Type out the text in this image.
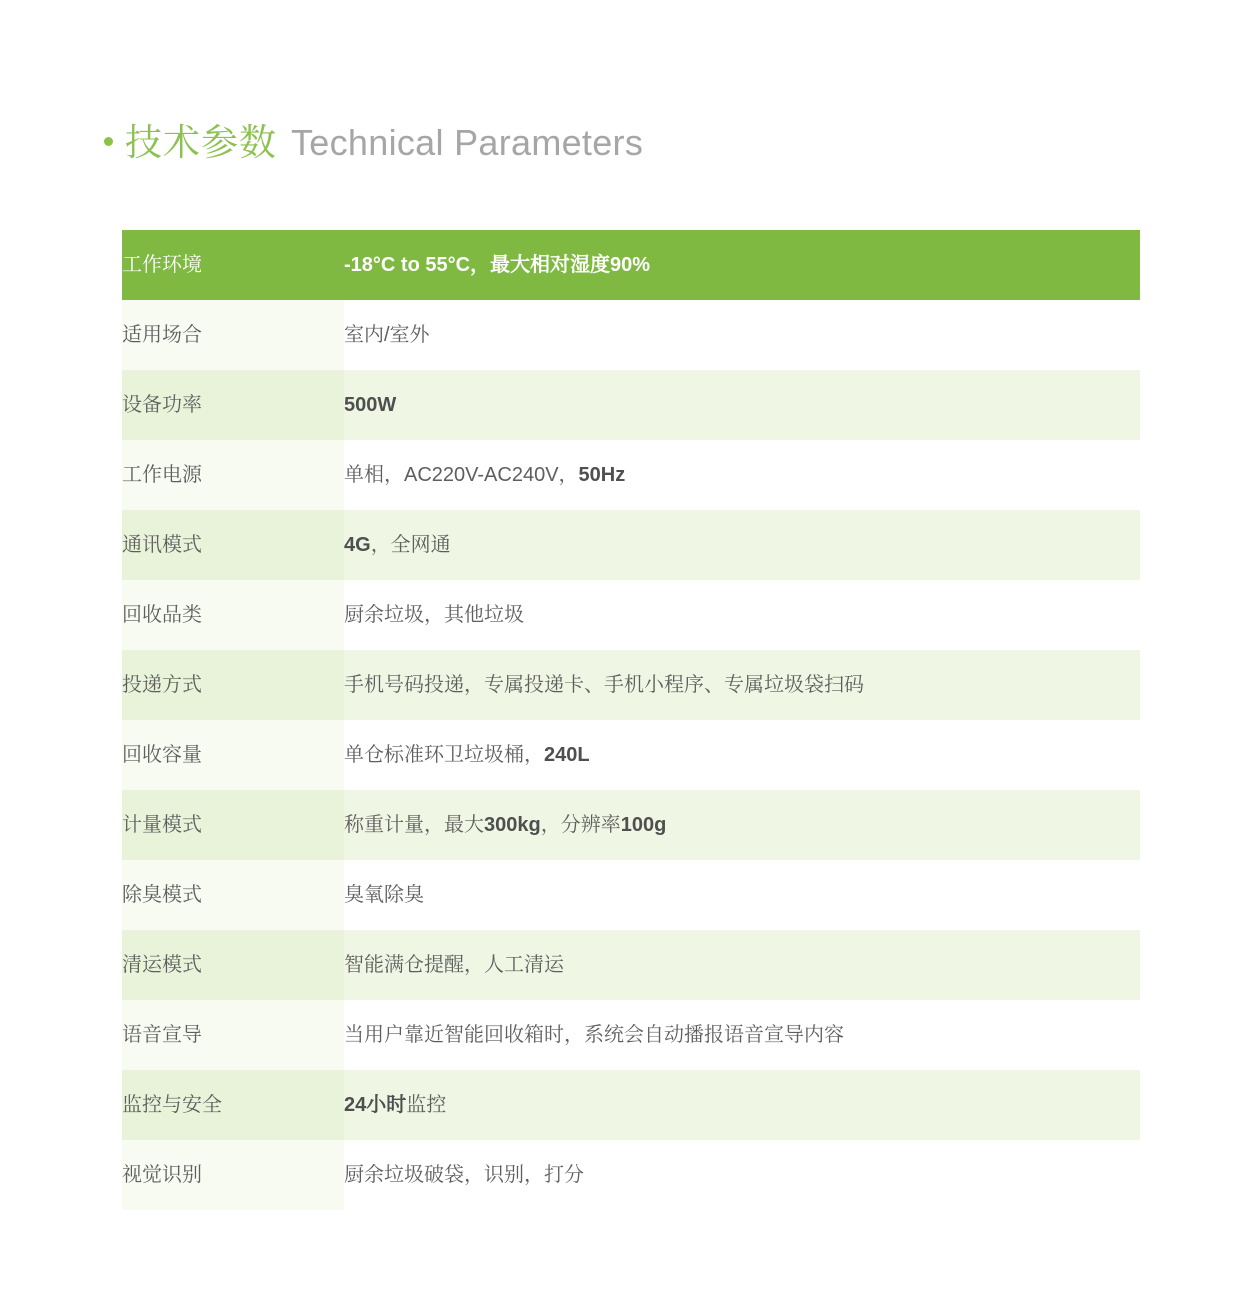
技术参数 Technical Parameters
工作环境	-18°C to 55°C，最大相对湿度90%
适用场合	室内/室外
设备功率	500W
工作电源	单相，AC220V-AC240V，50Hz
通讯模式	4G，全网通
回收品类	厨余垃圾，其他垃圾
投递方式	手机号码投递，专属投递卡、手机小程序、专属垃圾袋扫码
回收容量	单仓标准环卫垃圾桶，240L
计量模式	称重计量，最大300kg，分辨率100g
除臭模式	臭氧除臭
清运模式	智能满仓提醒，人工清运
语音宣导	当用户靠近智能回收箱时，系统会自动播报语音宣导内容
监控与安全	24小时监控
视觉识别	厨余垃圾破袋，识别，打分
